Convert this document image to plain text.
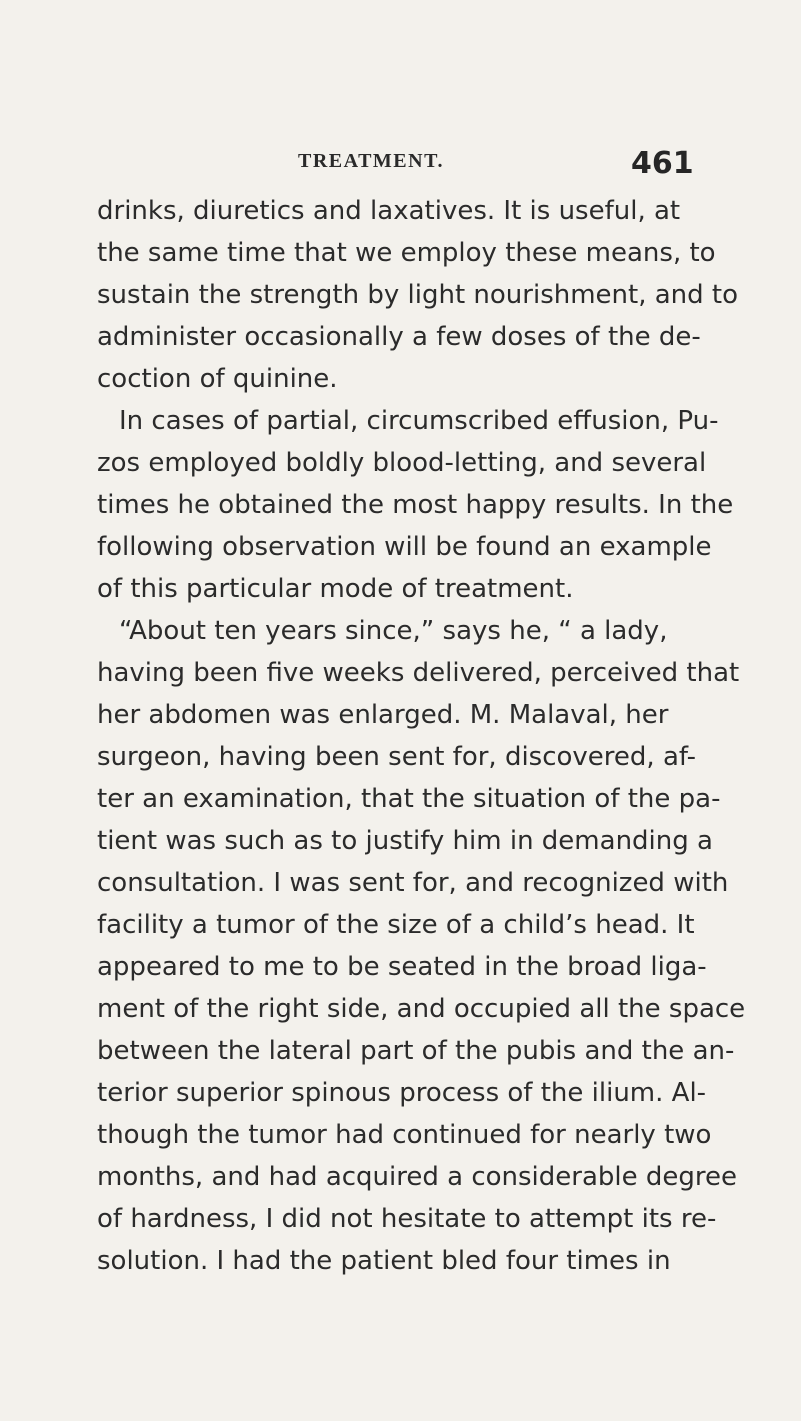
TREATMENT.	461
drinks, diuretics and laxatives. It is useful, at
the same time that we employ these means, to
sustain the strength by light nourishment, and to
administer occasionally a few doses of the de-
coction of quinine.
In cases of partial, circumscribed effusion, Pu-
zos employed boldly blood-letting, and several
times he obtained the most happy results. In the
following observation will be found an example
of this particular mode of treatment.
“About ten years since,” says he, “ a lady,
having been five weeks delivered, perceived that
her abdomen was enlarged. M. Malaval, her
surgeon, having been sent for, discovered, af-
ter an examination, that the situation of the pa-
tient was such as to justify him in demanding a
consultation. I was sent for, and recognized with
facility a tumor of the size of a child’s head. It
appeared to me to be seated in the broad liga-
ment of the right side, and occupied all the space
between the lateral part of the pubis and the an-
terior superior spinous process of the ilium. Al-
though the tumor had continued for nearly two
months, and had acquired a considerable degree
of hardness, I did not hesitate to attempt its re-
solution. I had the patient bled four times in
